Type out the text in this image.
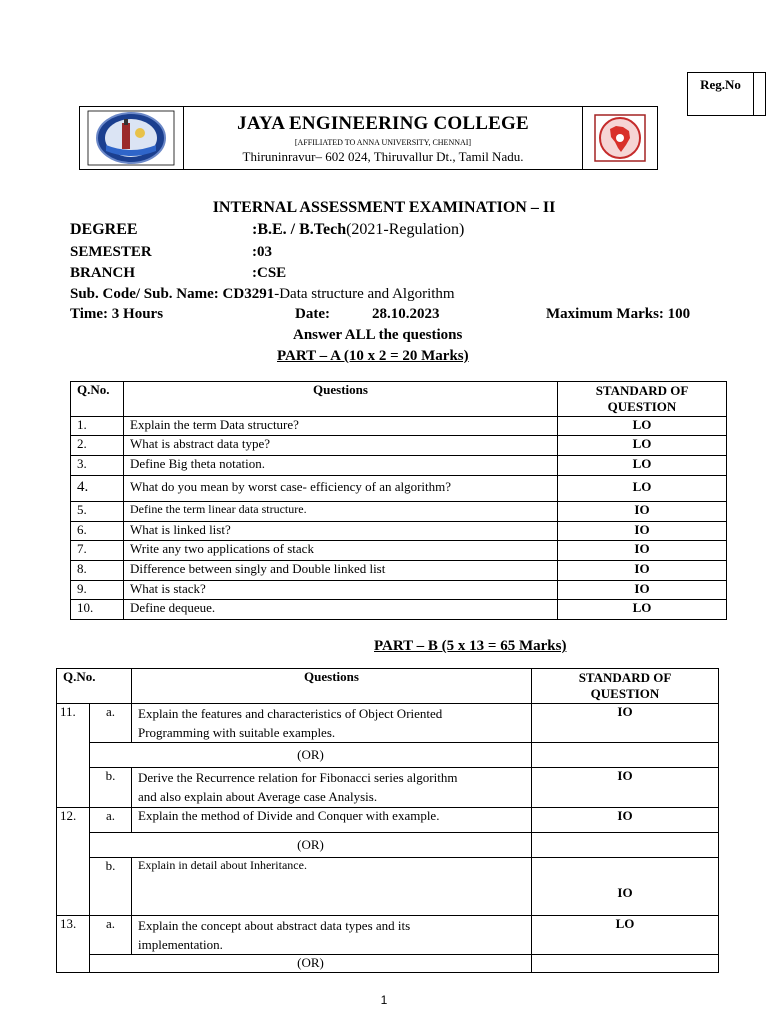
Reg.No
JAYA ENGINEERING COLLEGE
[AFFILIATED TO ANNA UNIVERSITY, CHENNAI]
Thiruninravur– 602 024, Thiruvallur Dt., Tamil Nadu.
INTERNAL ASSESSMENT EXAMINATION – II
DEGREE	:B.E. / B.Tech(2021-Regulation)
SEMESTER	:03
BRANCH	:CSE
Sub. Code/ Sub. Name: CD3291-Data structure and Algorithm
Time: 3 Hours	Date:	28.10.2023	Maximum Marks: 100
Answer ALL the questions
PART – A (10 x 2 = 20 Marks)
Q.No.	Questions	STANDARD OF
QUESTION
1.	Explain the term Data structure?	LO
2.	What is abstract data type?	LO
3.	Define Big theta notation.	LO
4.	What do you mean by worst case- efficiency of an algorithm?	LO
5.	Define the term linear data structure.	IO
6.	What is linked list?	IO
7.	Write any two applications of stack	IO
8.	Difference between singly and Double linked list	IO
9.	What is stack?	IO
10.	Define dequeue.	LO
PART – B (5 x 13 = 65 Marks)
Q.No.		Questions	STANDARD OF
QUESTION
11.	a.	Explain the features and characteristics of Object Oriented
Programming with suitable examples.	IO
	(OR)		
	b.	Derive the Recurrence relation for Fibonacci series algorithm
and also explain about Average case Analysis.	IO
12.	a.	Explain the method of Divide and Conquer with example.	IO
	(OR)		
	b.	Explain in detail about Inheritance.	IO
13.	a.	Explain the concept about abstract data types and its
implementation.	LO
	(OR)		
1
